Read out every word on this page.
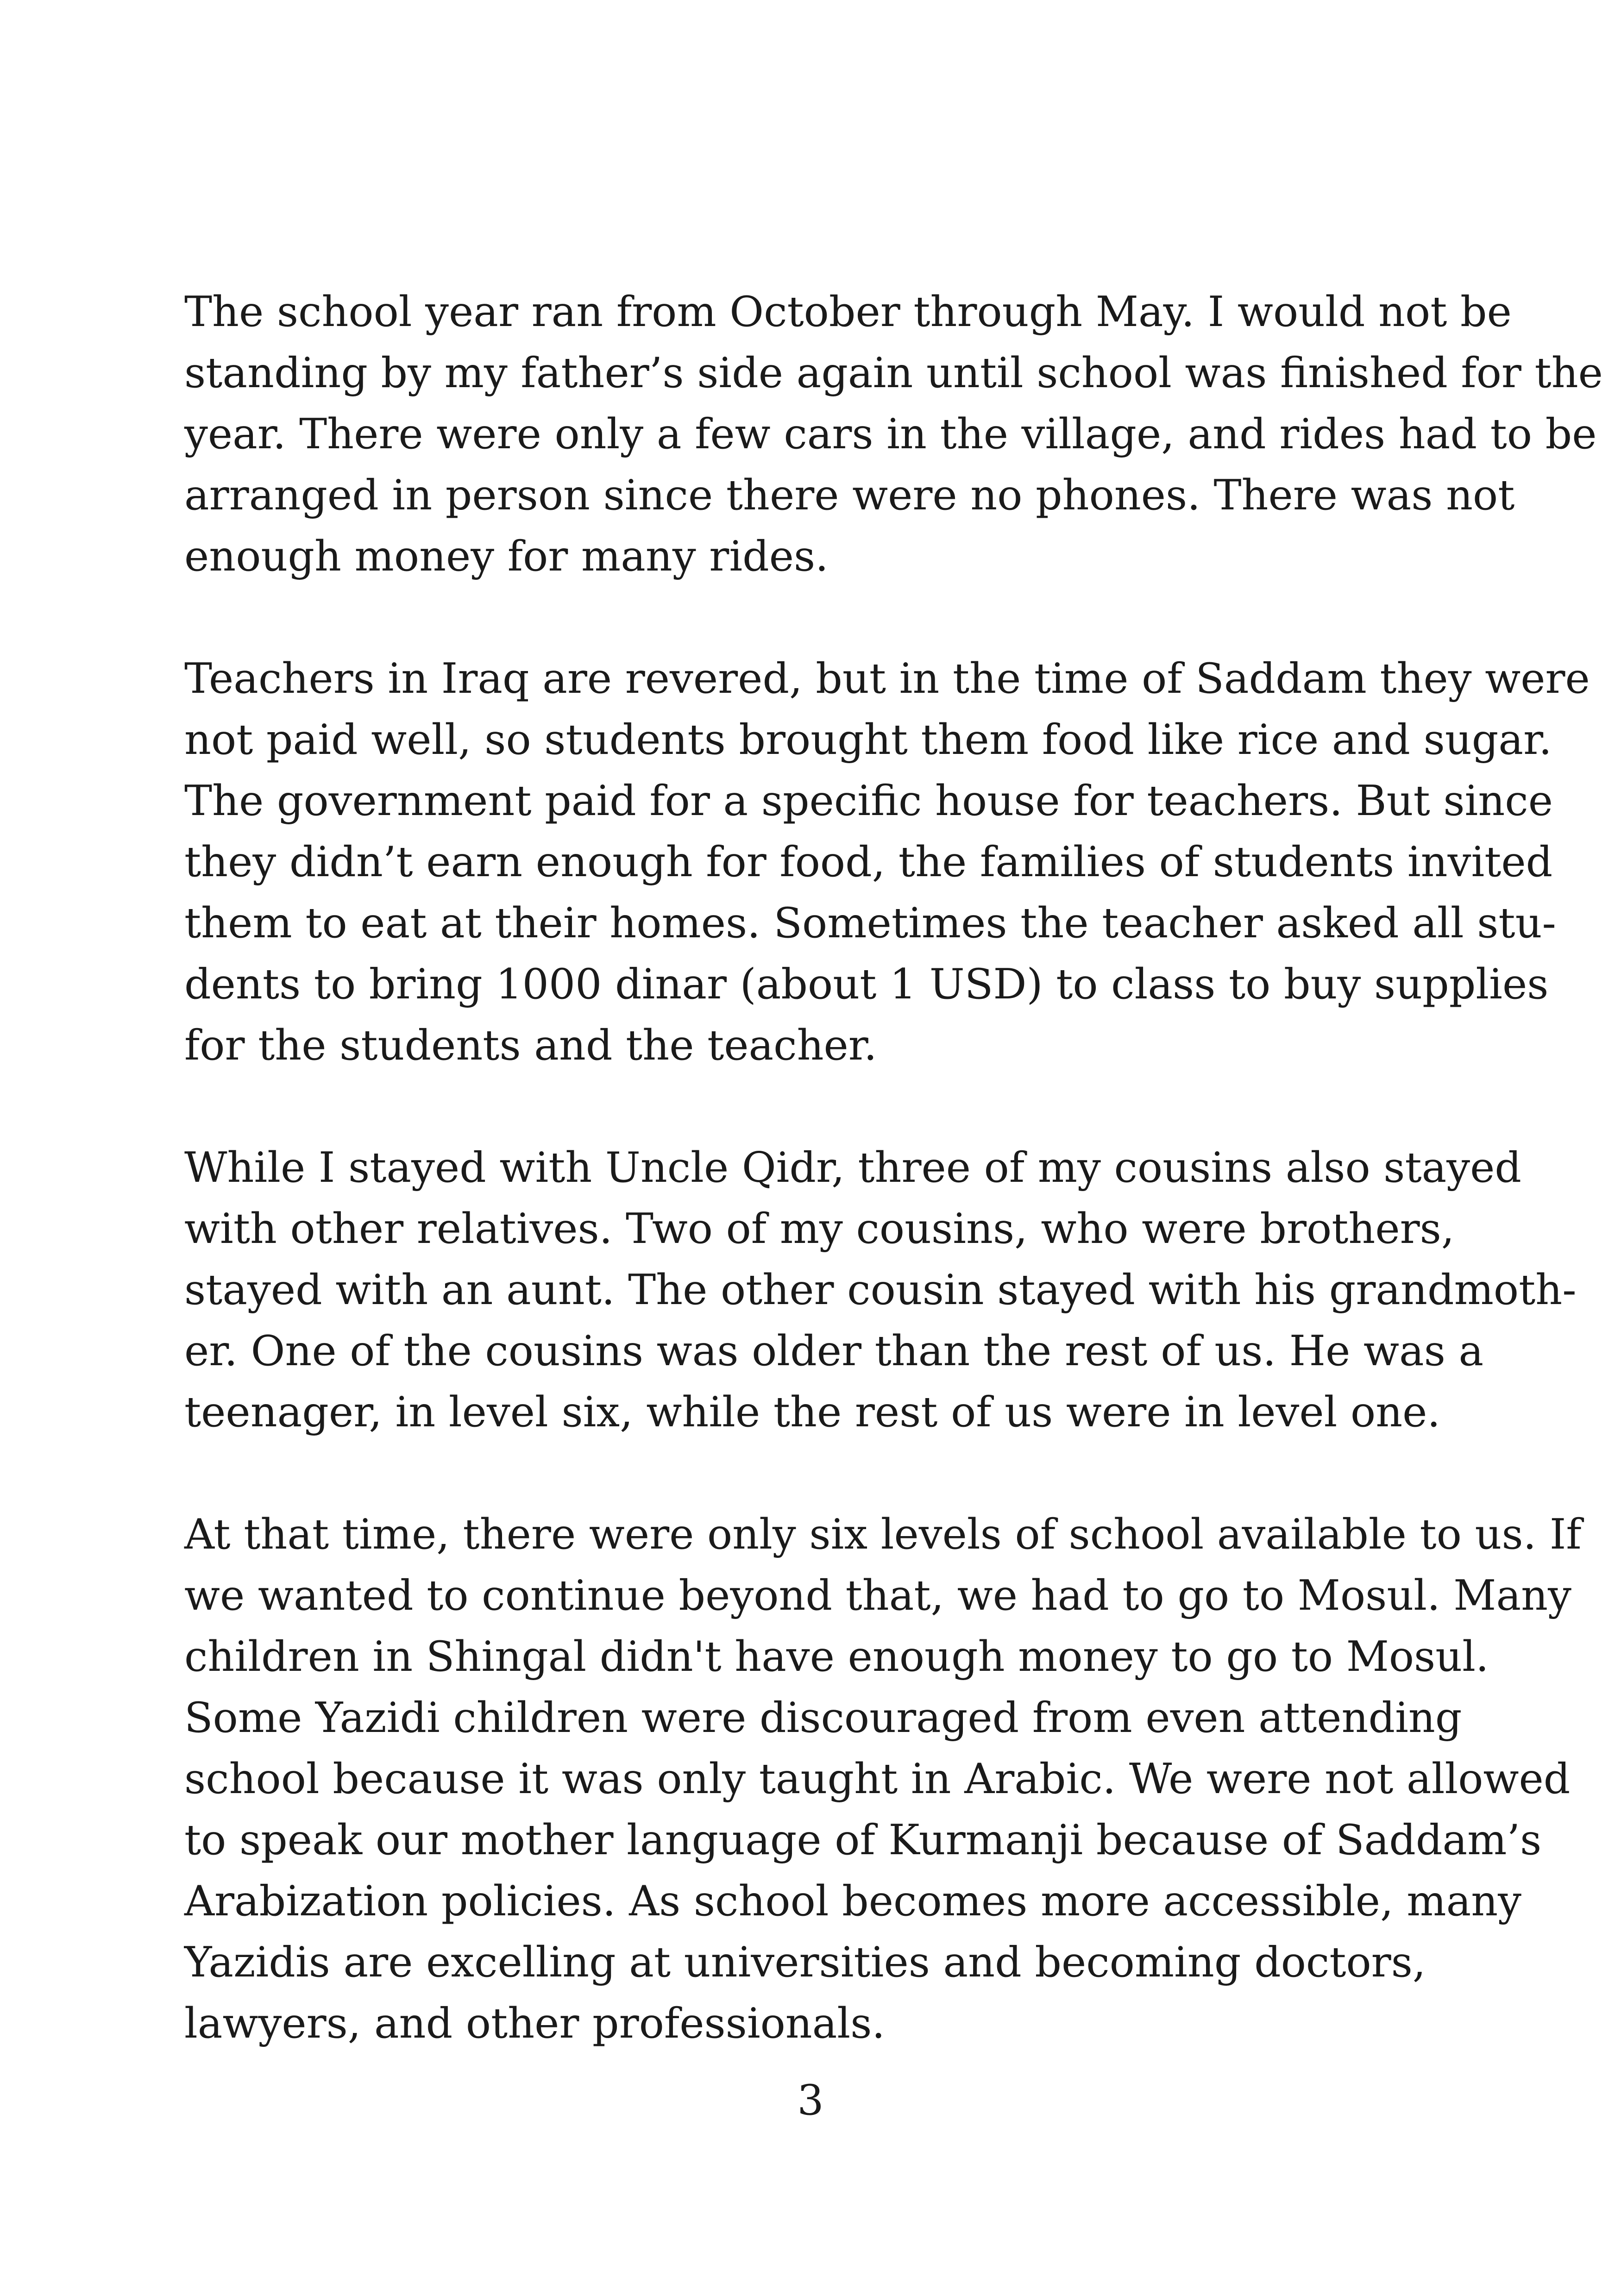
The school year ran from October through May. I would not be
standing by my father’s side again until school was finished for the
year. There were only a few cars in the village, and rides had to be
arranged in person since there were no phones. There was not
enough money for many rides.

Teachers in Iraq are revered, but in the time of Saddam they were
not paid well, so students brought them food like rice and sugar.
The government paid for a specific house for teachers. But since
they didn’t earn enough for food, the families of students invited
them to eat at their homes. Sometimes the teacher asked all stu-
dents to bring 1000 dinar (about 1 USD) to class to buy supplies
for the students and the teacher.

While I stayed with Uncle Qidr, three of my cousins also stayed
with other relatives. Two of my cousins, who were brothers,
stayed with an aunt. The other cousin stayed with his grandmoth-
er. One of the cousins was older than the rest of us. He was a
teenager, in level six, while the rest of us were in level one.

At that time, there were only six levels of school available to us. If
we wanted to continue beyond that, we had to go to Mosul. Many
children in Shingal didn't have enough money to go to Mosul.
Some Yazidi children were discouraged from even attending
school because it was only taught in Arabic. We were not allowed
to speak our mother language of Kurmanji because of Saddam’s
Arabization policies. As school becomes more accessible, many
Yazidis are excelling at universities and becoming doctors,
lawyers, and other professionals.

3
